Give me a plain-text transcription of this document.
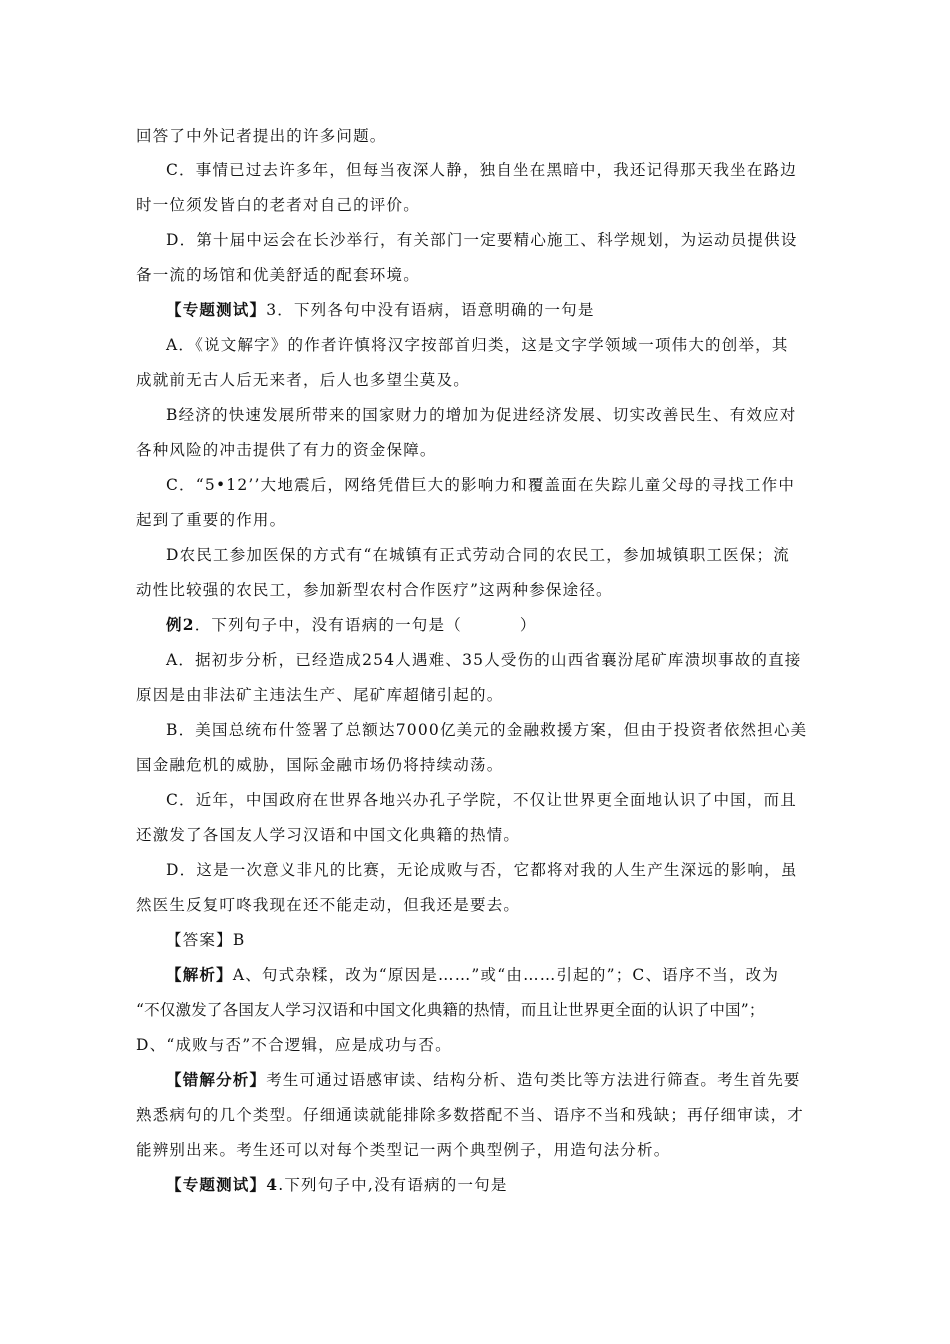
回答了中外记者提出的许多问题。
C．事情已过去许多年，但每当夜深人静，独自坐在黑暗中，我还记得那天我坐在路边
时一位须发皆白的老者对自己的评价。
D．第十届中运会在长沙举行，有关部门一定要精心施工、科学规划，为运动员提供设
备一流的场馆和优美舒适的配套环境。
【专题测试】3．下列各句中没有语病，语意明确的一句是
A．《说文解字》的作者许慎将汉字按部首归类，这是文字学领域一项伟大的创举，其
成就前无古人后无来者，后人也多望尘莫及。
B经济的快速发展所带来的国家财力的增加为促进经济发展、切实改善民生、有效应对
各种风险的冲击提供了有力的资金保障。
C．“5•12’’大地震后，网络凭借巨大的影响力和覆盖面在失踪儿童父母的寻找工作中
起到了重要的作用。
D农民工参加医保的方式有“在城镇有正式劳动合同的农民工，参加城镇职工医保；流
动性比较强的农民工，参加新型农村合作医疗”这两种参保途径。
例2．下列句子中，没有语病的一句是（	）
A．据初步分析，已经造成254人遇难、35人受伤的山西省襄汾尾矿库溃坝事故的直接
原因是由非法矿主违法生产、尾矿库超储引起的。
B．美国总统布什签署了总额达7000亿美元的金融救援方案，但由于投资者依然担心美
国金融危机的威胁，国际金融市场仍将持续动荡。
C．近年，中国政府在世界各地兴办孔子学院，不仅让世界更全面地认识了中国，而且
还激发了各国友人学习汉语和中国文化典籍的热情。
D．这是一次意义非凡的比赛，无论成败与否，它都将对我的人生产生深远的影响，虽
然医生反复叮咚我现在还不能走动，但我还是要去。
【答案】B
【解析】A、句式杂糅，改为“原因是……”或“由……引起的”；C、语序不当，改为
“不仅激发了各国友人学习汉语和中国文化典籍的热情，而且让世界更全面的认识了中国”；
D、“成败与否”不合逻辑，应是成功与否。
【错解分析】考生可通过语感审读、结构分析、造句类比等方法进行筛查。考生首先要
熟悉病句的几个类型。仔细通读就能排除多数搭配不当、语序不当和残缺；再仔细审读，才
能辨别出来。考生还可以对每个类型记一两个典型例子，用造句法分析。
【专题测试】4.下列句子中,没有语病的一句是
